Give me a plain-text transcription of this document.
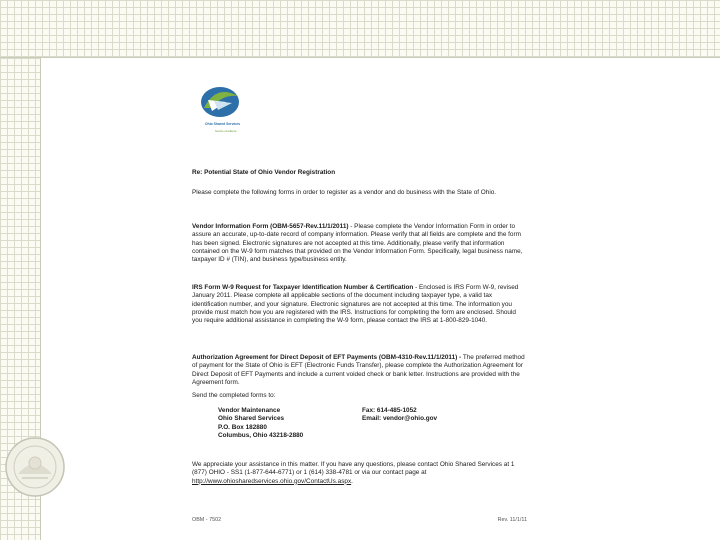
Ohio Shared Services
Service excellence

Re: Potential State of Ohio Vendor Registration

Please complete the following forms in order to register as a vendor and do business with the State of Ohio.

Vendor Information Form (OBM-5657-Rev.11/1/2011) - Please complete the Vendor Information Form in order to assure an accurate, up-to-date record of company information. Please verify that all fields are complete and the form has been signed. Electronic signatures are not accepted at this time. Additionally, please verify that information contained on the W-9 form matches that provided on the Vendor Information Form. Specifically, legal business name, taxpayer ID # (TIN), and business type/business entity.

IRS Form W-9 Request for Taxpayer Identification Number & Certification - Enclosed is IRS Form W-9, revised January 2011. Please complete all applicable sections of the document including taxpayer type, a valid tax identification number, and your signature. Electronic signatures are not accepted at this time. The information you provide must match how you are registered with the IRS. Instructions for completing the form are enclosed. Should you require additional assistance in completing the W-9 form, please contact the IRS at 1-800-829-1040.

Authorization Agreement for Direct Deposit of EFT Payments (OBM-4310-Rev.11/1/2011) - The preferred method of payment for the State of Ohio is EFT (Electronic Funds Transfer), please complete the Authorization Agreement for Direct Deposit of EFT Payments and include a current voided check or bank letter. Instructions are provided with the Agreement form.

Send the completed forms to:

Vendor Maintenance
Ohio Shared Services
P.O. Box 182880
Columbus, Ohio 43218-2880
Fax: 614-485-1052
Email: vendor@ohio.gov

We appreciate your assistance in this matter. If you have any questions, please contact Ohio Shared Services at 1 (877) OHIO - SS1 (1-877-644-6771) or 1 (614) 338-4781 or via our contact page at http://www.ohiosharedservices.ohio.gov/ContactUs.aspx.

OBM - 7502	Rev. 11/1/11
